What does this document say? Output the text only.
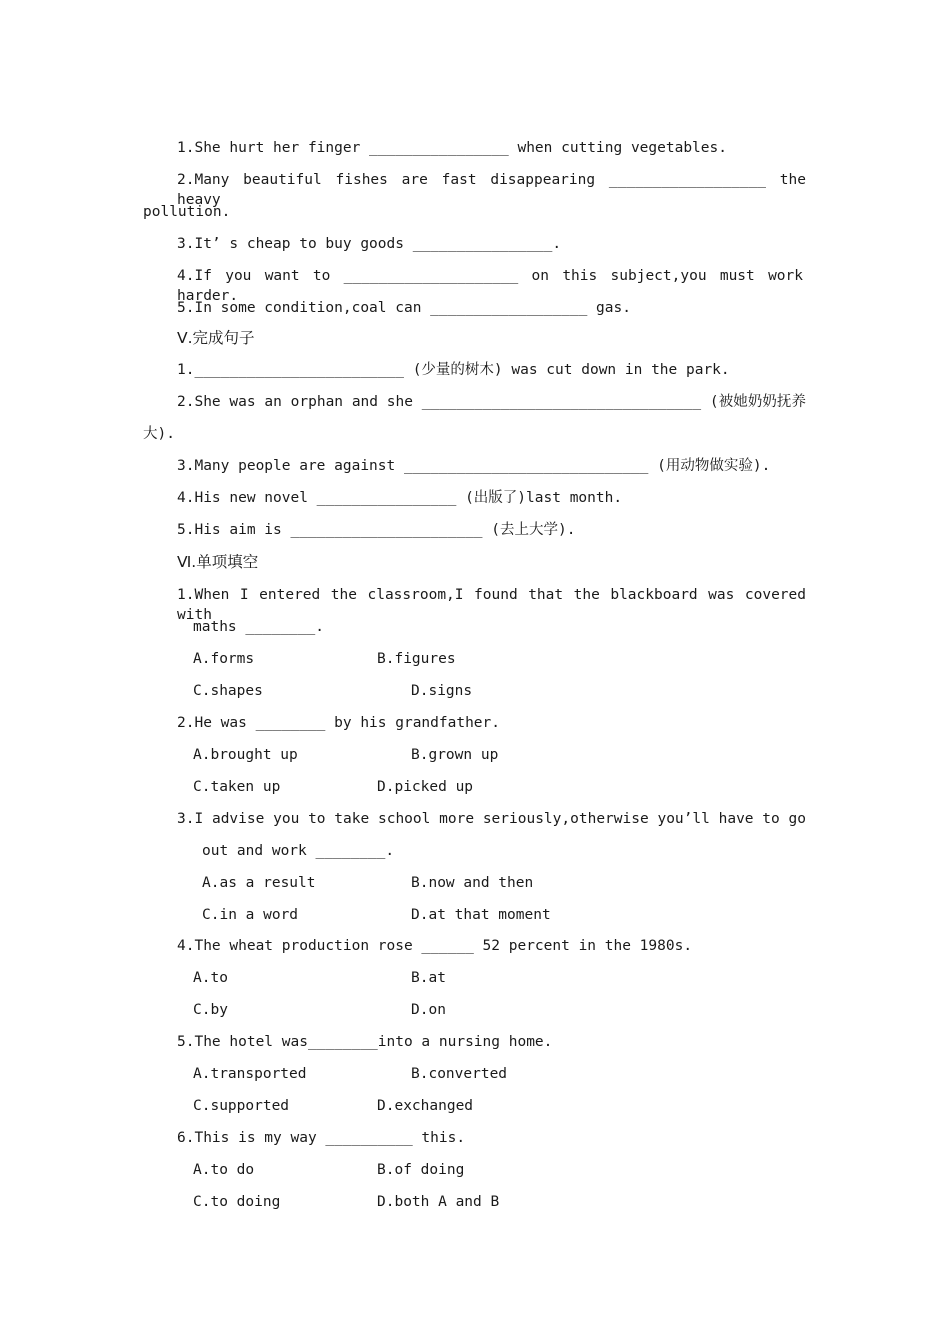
1.She hurt her finger ________________ when cutting vegetables.
2.Many beautiful fishes are fast disappearing __________________ the heavy
pollution.
3.It’ s cheap to buy goods ________________.
4.If you want to ____________________ on this subject,you must work harder.
5.In some condition,coal can __________________ gas.
Ⅴ.完成句子
1.________________________ (少量的树木) was cut down in the park.
2.She was an orphan and she ________________________________ (被她奶奶抚养
大).
3.Many people are against ____________________________ (用动物做实验).
4.His new novel ________________ (出版了)last month.
5.His aim is ______________________ (去上大学).
Ⅵ.单项填空
1.When I entered the classroom,I found that the blackboard was covered with
maths ________.
A.forms	B.figures
C.shapes	D.signs
2.He was ________ by his grandfather.
A.brought up	B.grown up
C.taken up	D.picked up
3.I advise you to take school more seriously,otherwise you’ll have to go
out and work ________.
A.as a result	B.now and then
C.in a word	D.at that moment
4.The wheat production rose ______ 52 percent in the 1980s.
A.to	B.at
C.by	D.on
5.The hotel was________into a nursing home.
A.transported	B.converted
C.supported	D.exchanged
6.This is my way __________ this.
A.to do	B.of doing
C.to doing	D.both A and B
